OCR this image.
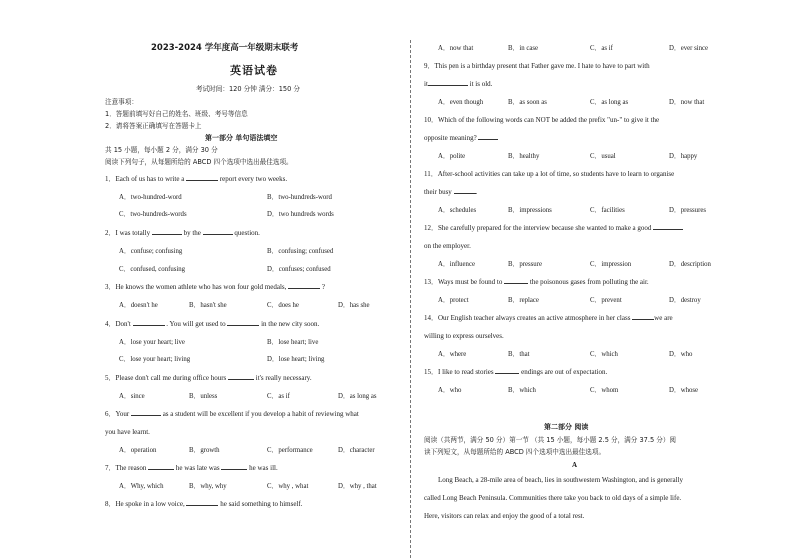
2023-2024 学年度高一年级期末联考
英语试卷
考试时间：120 分钟 满分：150 分
注意事项：
1．答题前填写好自己的姓名、班级、考号等信息
2．请将答案正确填写在答题卡上
第一部分 单句语法填空
共 15 小题，每小题 2 分，满分 30 分
阅读下列句子，从每题所给的 ABCD 四个选项中选出最佳选项。
1．Each of us has to write a	report every two weeks.
A．two-hundred-word	B．two-hundreds-word
C．two-hundreds-words	D．two hundreds words
2．I was totally	by the	question.
A．confuse; confusing	B．confusing; confused
C．confused, confusing	D．confuses; confused
3．He knows the women athlete who has won four gold medals,	?
A．doesn't he	B．hasn't she	C．does he	D．has she
4．Don't	. You will get used to	in the new city soon.
A．lose your heart; live	B．lose heart; live
C．lose your heart; living	D．lose heart; living
5．Please don't call me during office hours	it's really necessary.
A．since	B．unless	C．as if	D．as long as
6．Your	as a student will be excellent if you develop a habit of reviewing what
you have learnt.
A．operation	B．growth	C．performance	D．character
7．The reason	he was late was	he was ill.
A．Why, which	B．why, why	C．why , what	D．why , that
8．He spoke in a low voice,	he said something to himself.
A．now that	B．in case	C．as if	D．ever since
9．This pen is a birthday present that Father gave me. I hate to have to part with
it	it is old.
A．even though	B．as soon as	C．as long as	D．now that
10．Which of the following words can NOT be added the prefix "un-" to give it the
opposite meaning?
A．polite	B．healthy	C．usual	D．happy
11．After-school activities can take up a lot of time, so students have to learn to organise
their busy	.
A．schedules	B．impressions	C．facilities	D．pressures
12．She carefully prepared for the interview because she wanted to make a good
on the employer.
A．influence	B．pressure	C．impression	D．description
13．Ways must be found to	the poisonous gases from polluting the air.
A．protect	B．replace	C．prevent	D．destroy
14．Our English teacher always creates an active atmosphere in her class	we are
willing to express ourselves.
A．where	B．that	C．which	D．who
15．I like to read stories	endings are out of expectation.
A．who	B．which	C．whom	D．whose
第二部分 阅读
阅读（共两节，满分 50 分）第一节 （共 15 小题，每小题 2.5 分，满分 37.5 分）阅
读下列短文，从每题所给的 ABCD 四个选项中选出最佳选项。
A
Long Beach, a 28-mile area of beach, lies in southwestern Washington, and is generally
called Long Beach Peninsula. Communities there take you back to old days of a simple life.
Here, visitors can relax and enjoy the good of a total rest.
